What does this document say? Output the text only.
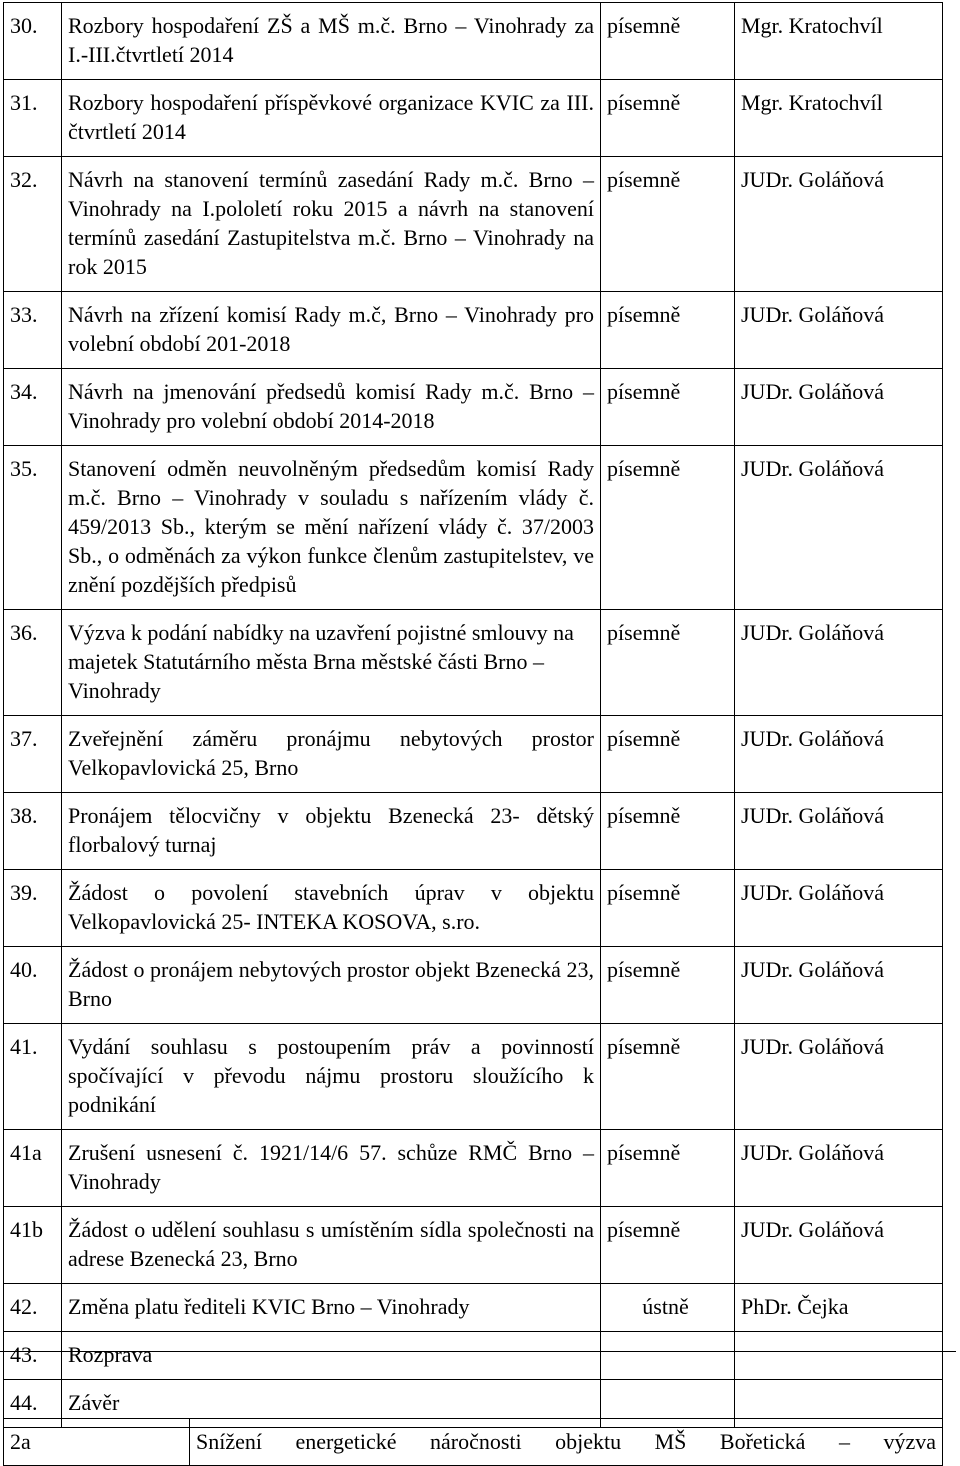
30.	Rozbory hospodaření ZŠ a MŠ m.č. Brno – Vinohrady za I.-III.čtvrtletí 2014	písemně	Mgr. Kratochvíl
31.	Rozbory hospodaření příspěvkové organizace KVIC za III. čtvrtletí 2014	písemně	Mgr. Kratochvíl
32.	Návrh na stanovení termínů zasedání Rady m.č. Brno – Vinohrady na I.pololetí roku 2015 a návrh na stanovení termínů zasedání Zastupitelstva m.č. Brno – Vinohrady na rok 2015	písemně	JUDr. Goláňová
33.	Návrh na zřízení komisí Rady m.č, Brno – Vinohrady pro volební období 201-2018	písemně	JUDr. Goláňová
34.	Návrh na jmenování předsedů komisí Rady m.č. Brno – Vinohrady pro volební období 2014-2018	písemně	JUDr. Goláňová
35.	Stanovení odměn neuvolněným předsedům komisí Rady m.č. Brno – Vinohrady v souladu s nařízením vlády č. 459/2013 Sb., kterým se mění nařízení vlády č. 37/2003 Sb., o odměnách za výkon funkce členům zastupitelstev, ve znění pozdějších předpisů	písemně	JUDr. Goláňová
36.	Výzva k podání nabídky na uzavření pojistné smlouvy na majetek Statutárního města Brna městské části Brno – Vinohrady	písemně	JUDr. Goláňová
37.	Zveřejnění záměru pronájmu nebytových prostor Velkopavlovická 25, Brno	písemně	JUDr. Goláňová
38.	Pronájem tělocvičny v objektu Bzenecká 23- dětský florbalový turnaj	písemně	JUDr. Goláňová
39.	Žádost o povolení stavebních úprav v objektu Velkopavlovická 25- INTEKA KOSOVA, s.ro.	písemně	JUDr. Goláňová
40.	Žádost o pronájem nebytových prostor objekt Bzenecká 23, Brno	písemně	JUDr. Goláňová
41.	Vydání souhlasu s postoupením práv a povinností spočívající v převodu nájmu prostoru sloužícího k podnikání	písemně	JUDr. Goláňová
41a	Zrušení usnesení č. 1921/14/6 57. schůze RMČ Brno – Vinohrady	písemně	JUDr. Goláňová
41b	Žádost o udělení souhlasu s umístěním sídla společnosti na adrese Bzenecká 23, Brno	písemně	JUDr. Goláňová
42.	Změna platu řediteli KVIC Brno – Vinohrady	ústně	PhDr. Čejka
43.	Rozprava		
44.	Závěr		
2a	Snížení energetické náročnosti objektu MŠ Bořetická – výzva
